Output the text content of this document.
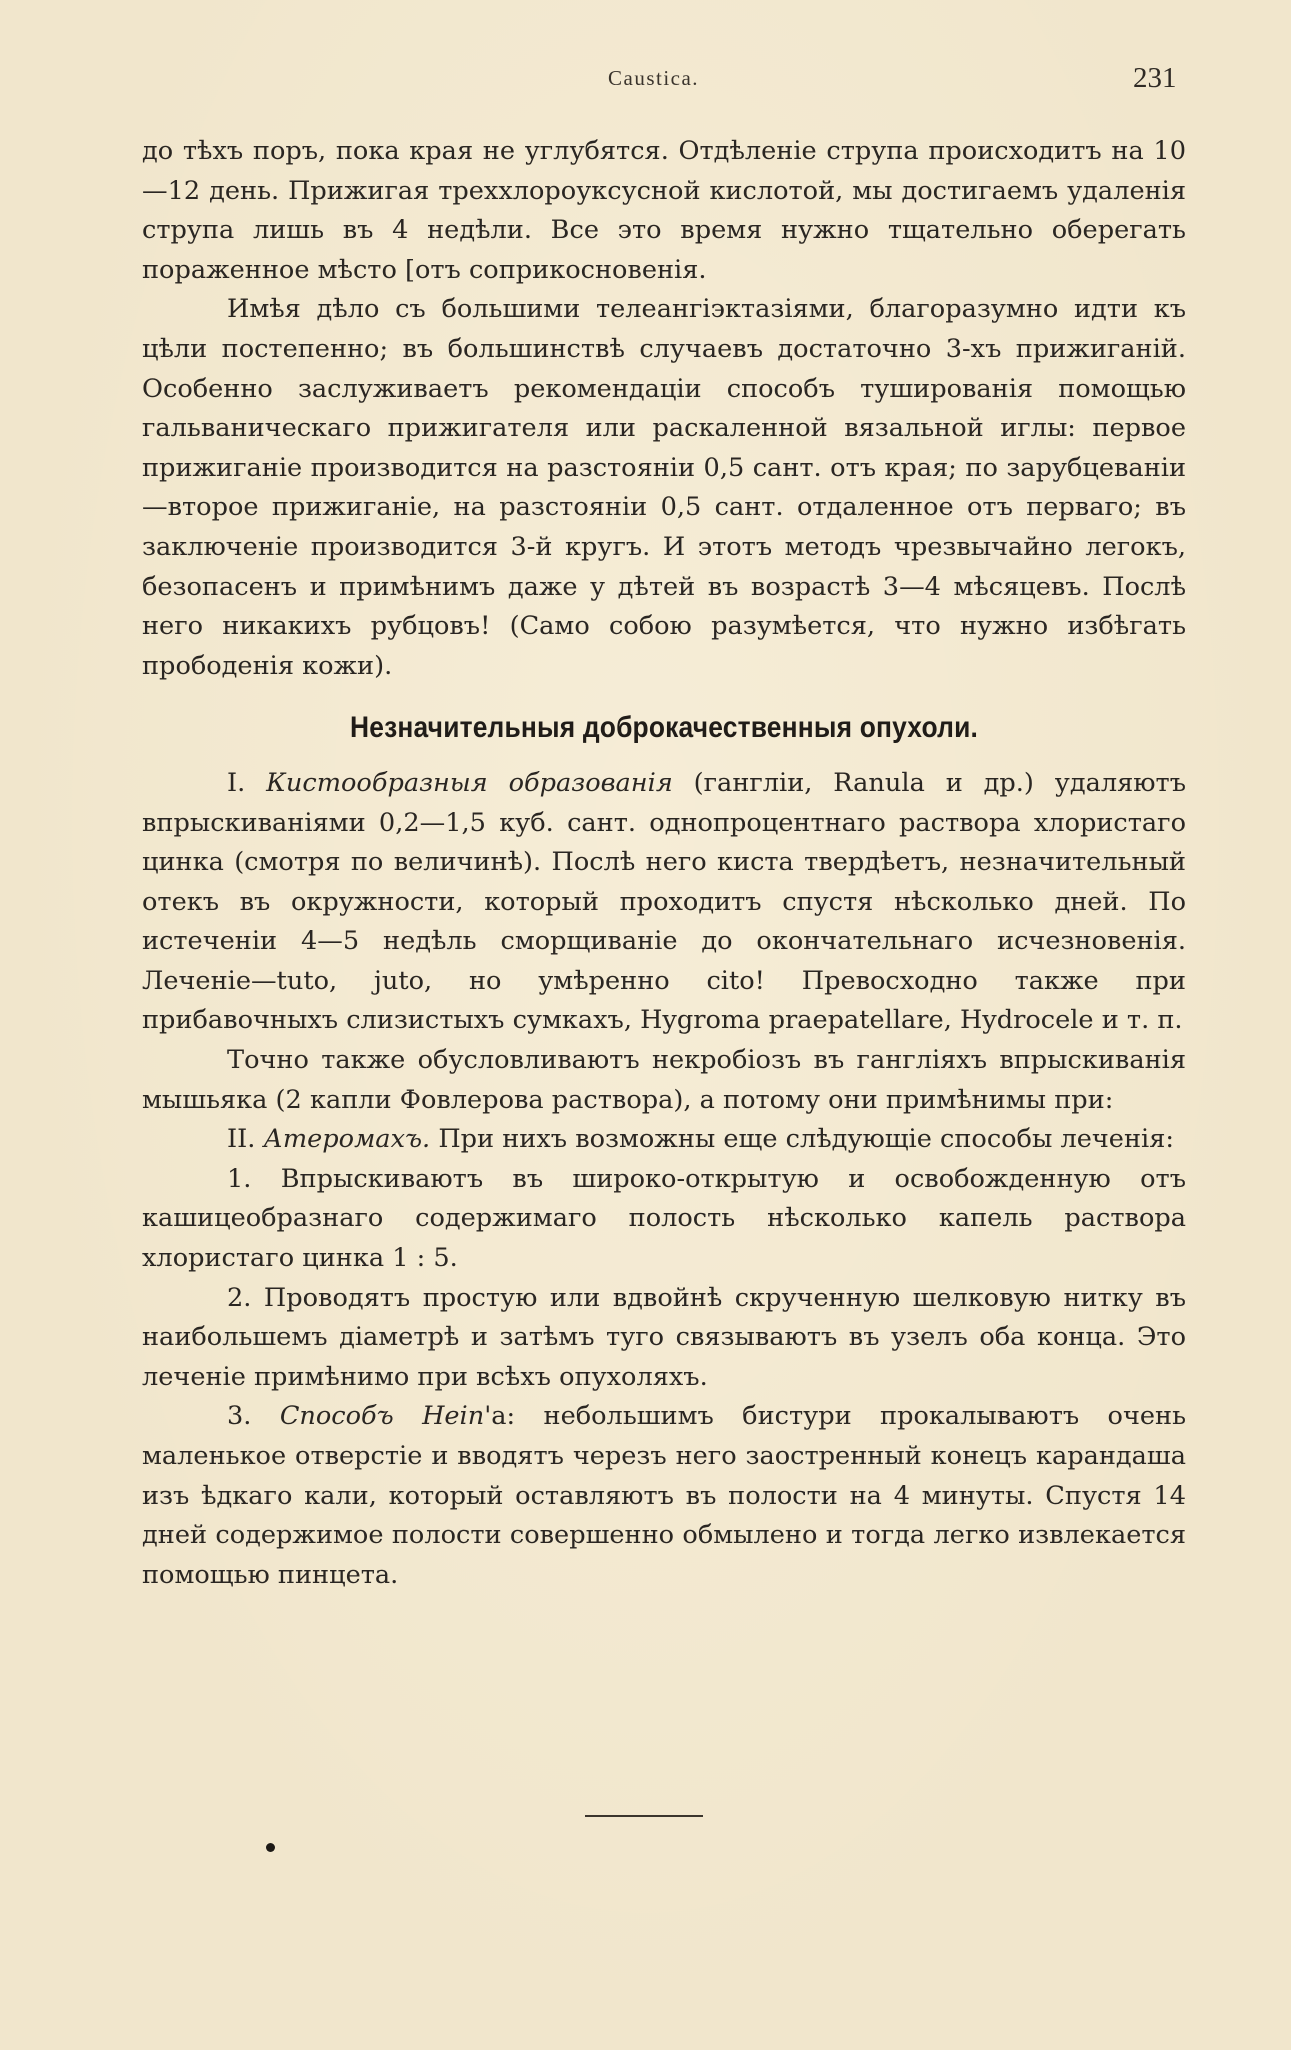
Caustica.	231

до тѣхъ поръ, пока края не углубятся. Отдѣленіе струпа происходитъ на 10—12 день. Прижигая треххлороуксусной кислотой, мы достигаемъ удаленія струпа лишь въ 4 недѣли. Все это время нужно тщательно оберегать пораженное мѣсто [отъ соприкосновенія.

Имѣя дѣло съ большими телеангіэктазіями, благоразумно идти къ цѣли постепенно; въ большинствѣ случаевъ достаточно 3-хъ прижиганій. Особенно заслуживаетъ рекомендаціи способъ тушированія помощью гальваническаго прижигателя или раскаленной вязальной иглы: первое прижиганіе производится на разстояніи 0,5 сант. отъ края; по зарубцеваніи—второе прижиганіе, на разстояніи 0,5 сант. отдаленное отъ перваго; въ заключеніе производится 3-й кругъ. И этотъ методъ чрезвычайно легокъ, безопасенъ и примѣнимъ даже у дѣтей въ возрастѣ 3—4 мѣсяцевъ. Послѣ него никакихъ рубцовъ! (Само собою разумѣется, что нужно избѣгать прободенія кожи).

Незначительныя доброкачественныя опухоли.

I. Кистообразныя образованія (гангліи, Ranula и др.) удаляютъ впрыскиваніями 0,2—1,5 куб. сант. однопроцентнаго раствора хлористаго цинка (смотря по величинѣ). Послѣ него киста твердѣетъ, незначительный отекъ въ окружности, который проходитъ спустя нѣсколько дней. По истеченіи 4—5 недѣль сморщиваніе до окончательнаго исчезновенія. Леченіе—tuto, juto, но умѣренно cito! Превосходно также при прибавочныхъ слизистыхъ сумкахъ, Hygroma praepatellare, Hydrocele и т. п.

Точно также обусловливаютъ некробіозъ въ гангліяхъ впрыскиванія мышьяка (2 капли Фовлерова раствора), а потому они примѣнимы при:

II. Атеромахъ. При нихъ возможны еще слѣдующіе способы леченія:

1. Впрыскиваютъ въ широко-открытую и освобожденную отъ кашицеобразнаго содержимаго полость нѣсколько капель раствора хлористаго цинка 1 : 5.

2. Проводятъ простую или вдвойнѣ скрученную шелковую нитку въ наибольшемъ діаметрѣ и затѣмъ туго связываютъ въ узелъ оба конца. Это леченіе примѣнимо при всѣхъ опухоляхъ.

3. Способъ Hein'а: небольшимъ бистури прокалываютъ очень маленькое отверстіе и вводятъ черезъ него заостренный конецъ карандаша изъ ѣдкаго кали, который оставляютъ въ полости на 4 минуты. Спустя 14 дней содержимое полости совершенно обмылено и тогда легко извлекается помощью пинцета.
